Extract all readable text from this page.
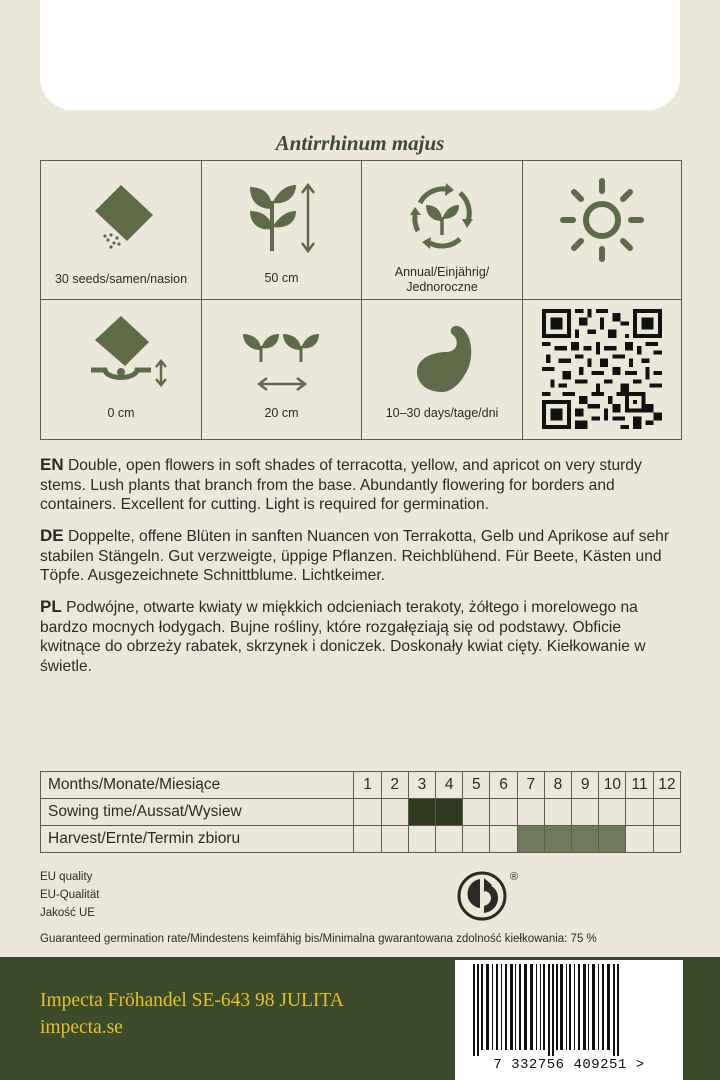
Antirrhinum majus
30 seeds/samen/nasion	50 cm	Annual/Einjährig/
Jednoroczne
0 cm	20 cm	10–30 days/tage/dni
EN Double, open flowers in soft shades of terracotta, yellow, and apricot on very sturdy stems. Lush plants that branch from the base. Abundantly flowering for borders and containers. Excellent for cutting. Light is required for germination.
DE Doppelte, offene Blüten in sanften Nuancen von Terrakotta, Gelb und Aprikose auf sehr stabilen Stängeln. Gut verzweigte, üppige Pflanzen. Reichblühend. Für Beete, Kästen und Töpfe. Ausgezeichnete Schnittblume. Lichtkeimer.
PL Podwójne, otwarte kwiaty w miękkich odcieniach terakoty, żółtego i morelowego na bardzo mocnych łodygach. Bujne rośliny, które rozgałęziają się od podstawy. Obficie kwitnące do obrzeży rabatek, skrzynek i doniczek. Doskonały kwiat cięty. Kiełkowanie w świetle.
Months/Monate/Miesiące	1	2	3	4	5	6	7	8	9	10	11	12
Sowing time/Aussat/Wysiew												
Harvest/Ernte/Termin zbioru												
EU quality
EU-Qualität
Jakość UE
®
Guaranteed germination rate/Mindestens keimfähig bis/Minimalna gwarantowana zdolność kiełkowania: 75 %
Impecta Fröhandel SE-643 98 JULITA
impecta.se
7 332756 409251 >
